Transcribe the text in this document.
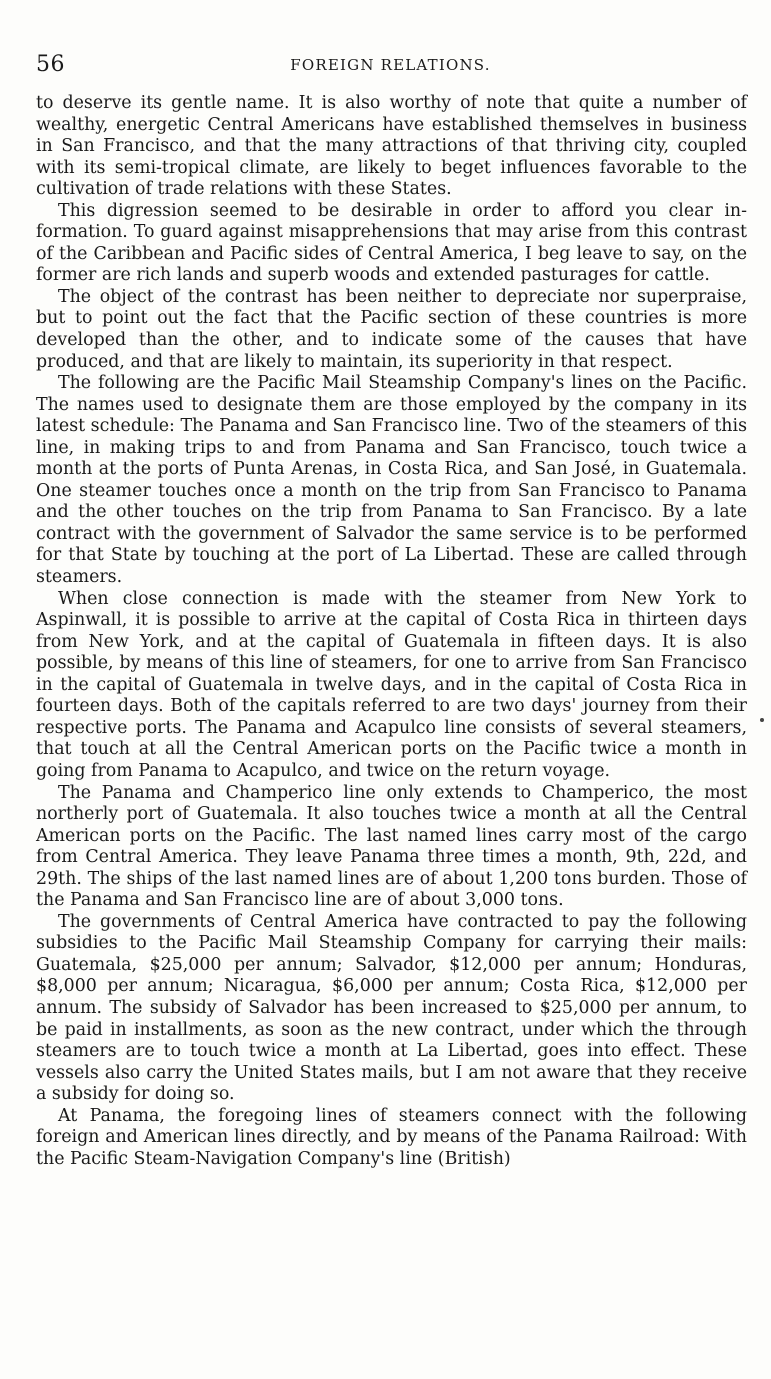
56	FOREIGN RELATIONS.

to deserve its gentle name. It is also worthy of note that quite a number of wealthy, energetic Central Americans have established themselves in business in San Francisco, and that the many attractions of that thriving city, coupled with its semi-tropical climate, are likely to beget influences favorable to the cultivation of trade relations with these States.

This digression seemed to be desirable in order to afford you clear information. To guard against misapprehensions that may arise from this contrast of the Caribbean and Pacific sides of Central America, I beg leave to say, on the former are rich lands and superb woods and extended pasturages for cattle.

The object of the contrast has been neither to depreciate nor superpraise, but to point out the fact that the Pacific section of these countries is more developed than the other, and to indicate some of the causes that have produced, and that are likely to maintain, its superiority in that respect.

The following are the Pacific Mail Steamship Company's lines on the Pacific. The names used to designate them are those employed by the company in its latest schedule: The Panama and San Francisco line. Two of the steamers of this line, in making trips to and from Panama and San Francisco, touch twice a month at the ports of Punta Arenas, in Costa Rica, and San José, in Guatemala. One steamer touches once a month on the trip from San Francisco to Panama and the other touches on the trip from Panama to San Francisco. By a late contract with the government of Salvador the same service is to be performed for that State by touching at the port of La Libertad. These are called through steamers.

When close connection is made with the steamer from New York to Aspinwall, it is possible to arrive at the capital of Costa Rica in thirteen days from New York, and at the capital of Guatemala in fifteen days. It is also possible, by means of this line of steamers, for one to arrive from San Francisco in the capital of Guatemala in twelve days, and in the capital of Costa Rica in fourteen days. Both of the capitals referred to are two days' journey from their respective ports. The Panama and Acapulco line consists of several steamers, that touch at all the Central American ports on the Pacific twice a month in going from Panama to Acapulco, and twice on the return voyage.

The Panama and Champerico line only extends to Champerico, the most northerly port of Guatemala. It also touches twice a month at all the Central American ports on the Pacific. The last named lines carry most of the cargo from Central America. They leave Panama three times a month, 9th, 22d, and 29th. The ships of the last named lines are of about 1,200 tons burden. Those of the Panama and San Francisco line are of about 3,000 tons.

The governments of Central America have contracted to pay the following subsidies to the Pacific Mail Steamship Company for carrying their mails: Guatemala, $25,000 per annum; Salvador, $12,000 per annum; Honduras, $8,000 per annum; Nicaragua, $6,000 per annum; Costa Rica, $12,000 per annum. The subsidy of Salvador has been increased to $25,000 per annum, to be paid in installments, as soon as the new contract, under which the through steamers are to touch twice a month at La Libertad, goes into effect. These vessels also carry the United States mails, but I am not aware that they receive a subsidy for doing so.

At Panama, the foregoing lines of steamers connect with the following foreign and American lines directly, and by means of the Panama Railroad: With the Pacific Steam-Navigation Company's line (British)
